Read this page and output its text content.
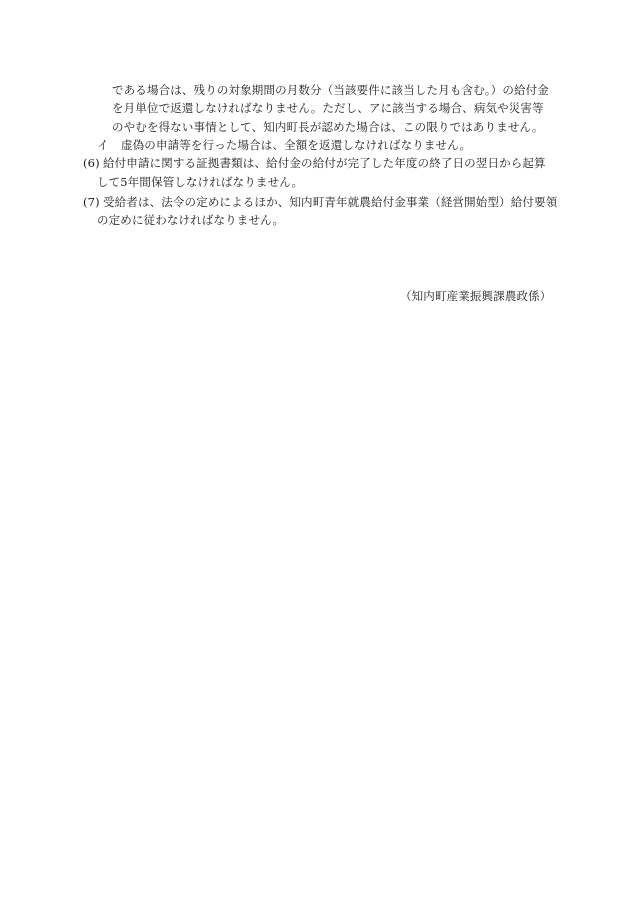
である場合は、残りの対象期間の月数分（当該要件に該当した月も含む。）の給付金
を月単位で返還しなければなりません。ただし、アに該当する場合、病気や災害等
のやむを得ない事情として、知内町長が認めた場合は、この限りではありません。
イ 虚偽の申請等を行った場合は、全額を返還しなければなりません。
(6) 給付申請に関する証拠書類は、給付金の給付が完了した年度の終了日の翌日から起算
して5年間保管しなければなりません。
(7) 受給者は、法令の定めによるほか、知内町青年就農給付金事業（経営開始型）給付要領
の定めに従わなければなりません。
（知内町産業振興課農政係）
